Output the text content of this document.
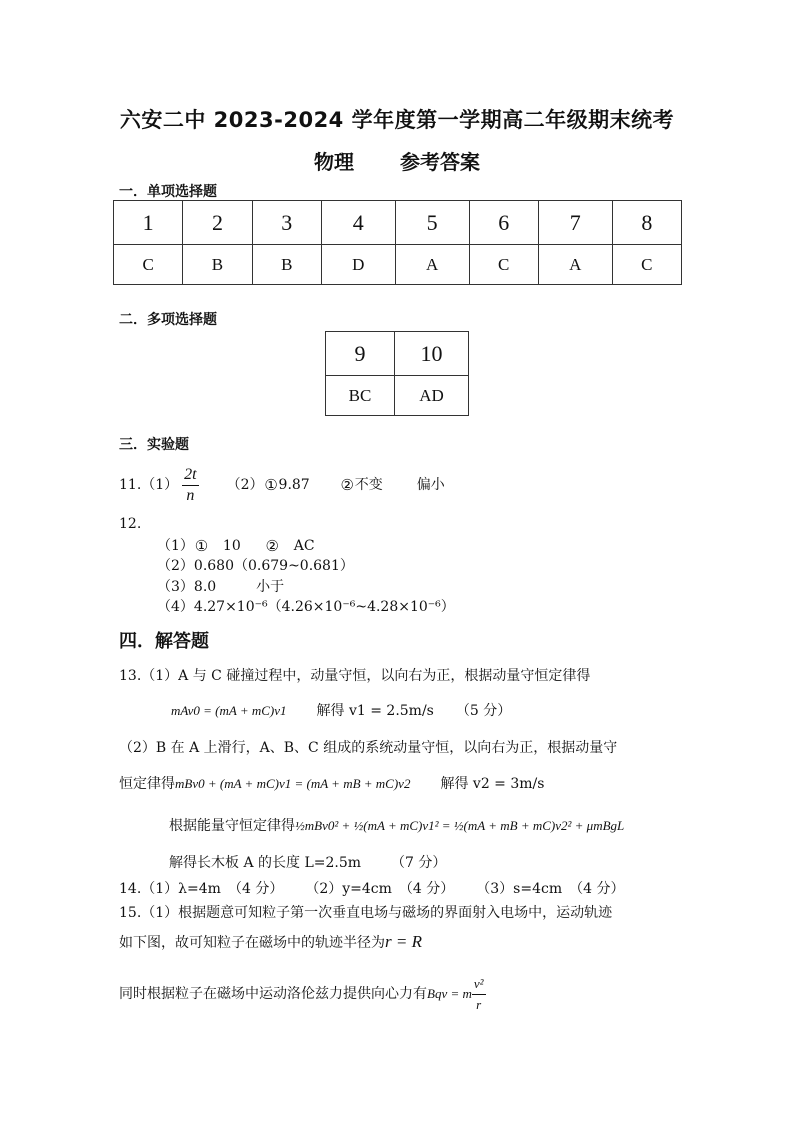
六安二中 2023-2024 学年度第一学期高二年级期末统考
物理 参考答案
一．单项选择题
1	2	3	4	5	6	7	8
C	B	B	D	A	C	A	C
二．多项选择题
9	10
BC	AD
三．实验题
$11.(1) \frac{2t}{n} (2)$ ① 9.87 ② 不变 偏小
12.
（1）① 10 ② AC
（2）0.680（0.679~0.681）
（3）8.0	小于
（4）4.27×10⁻⁶（4.26×10⁻⁶~4.28×10⁻⁶）
四．解答题
13.（1）A 与 C 碰撞过程中，动量守恒，以向右为正，根据动量守恒定律得
mAv0 = (mA + mC)v1 解得 v1 = 2.5m/s （5 分）
（2）B 在 A 上滑行，A、B、C 组成的系统动量守恒，以向右为正，根据动量守
恒定律得mBv0 + (mA + mC)v1 = (mA + mB + mC)v2 解得 v2 = 3m/s
根据能量守恒定律得½mBv0² + ½(mA + mC)v1² = ½(mA + mB + mC)v2² + μmBgL
解得长木板 A 的长度 L=2.5m （7 分）
14.（1）λ=4m　（4 分） （2）y=4cm　（4 分） （3）s=4cm　（4 分）
15.（1）根据题意可知粒子第一次垂直电场与磁场的界面射入电场中，运动轨迹
如下图，故可知粒子在磁场中的轨迹半径为r = R
同时根据粒子在磁场中运动洛伦兹力提供向心力有 Bqv = m $\frac{\text{v²}}{r}$
